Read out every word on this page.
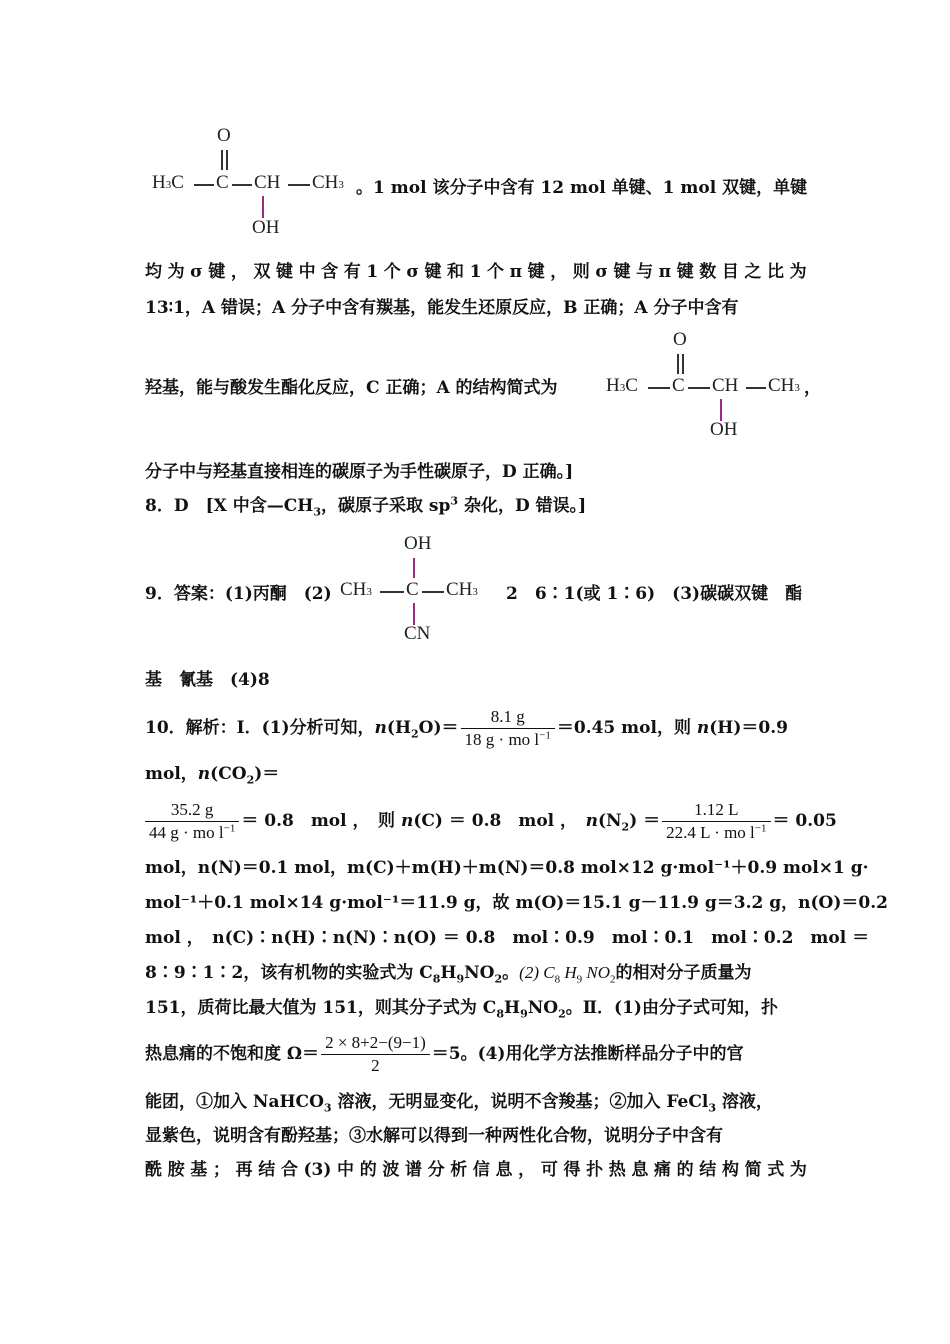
O
H3C C CH CH3
OH
。1 mol 该分子中含有 12 mol 单键、1 mol 双键，单键
均 为 σ 键 ， 双 键 中 含 有 1 个 σ 键 和 1 个 π 键 ， 则 σ 键 与 π 键 数 目 之 比 为
13∶1，A 错误；A 分子中含有羰基，能发生还原反应，B 正确；A 分子中含有
羟基，能与酸发生酯化反应，C 正确；A 的结构简式为
O
H3C C CH CH3
OH
，
分子中与羟基直接相连的碳原子为手性碳原子，D 正确。]
8．D　[X 中含$—CH_3$，碳原子采取 $sp^3$ 杂化，D 错误。]
9．答案：(1)丙酮　(2)
OH
CH3 C CH3
CN
2　6∶1(或 1∶6)　(3)碳碳双键　酯
基　氰基　(4)8
10．解析：Ⅰ．(1)分析可知，$n(H_2O)= \frac{8.1 g}{18 g \cdot mo l^{-1}} =0.45$ mol，则 n(H)＝0.9
mol，$n(CO_2)=$
$\frac{35.2 g}{44 g \cdot mo l^{-1}} = 0.8$　mol ，　则 n(C) ＝ 0.8　mol ，　$n(N_2) = \frac{1.12 L}{22.4 L \cdot mo l^{-1}} = 0.05$
mol，n(N)＝0.1 mol，m(C)＋m(H)＋m(N)＝0.8 mol×12 g·mol⁻¹＋0.9 mol×1 g·
mol⁻¹＋0.1 mol×14 g·mol⁻¹＝11.9 g，故 m(O)＝15.1 g－11.9 g＝3.2 g，n(O)＝0.2
mol ，　n(C)∶n(H)∶n(N)∶n(O) ＝ 0.8　mol∶0.9　mol∶0.1　mol∶0.2　mol ＝
8∶9∶1∶2，该有机物的实验式为 $C_8H_9NO_2$。(2) $C_8$ $H_9$ $NO_2$的相对分子质量为
151，质荷比最大值为 151，则其分子式为 $C_8H_9NO_2$。Ⅱ．(1)由分子式可知，扑
热息痛的不饱和度 $\Omega= \frac{2 \times 8+2-(9-1)}{2} =5$。(4)用化学方法推断样品分子中的官
能团，①加入 NaHCO$_3$ 溶液，无明显变化，说明不含羧基；②加入 FeCl$_3$ 溶液，
显紫色，说明含有酚羟基；③水解可以得到一种两性化合物，说明分子中含有
酰 胺 基 ； 再 结 合 (3) 中 的 波 谱 分 析 信 息 ， 可 得 扑 热 息 痛 的 结 构 简 式 为
